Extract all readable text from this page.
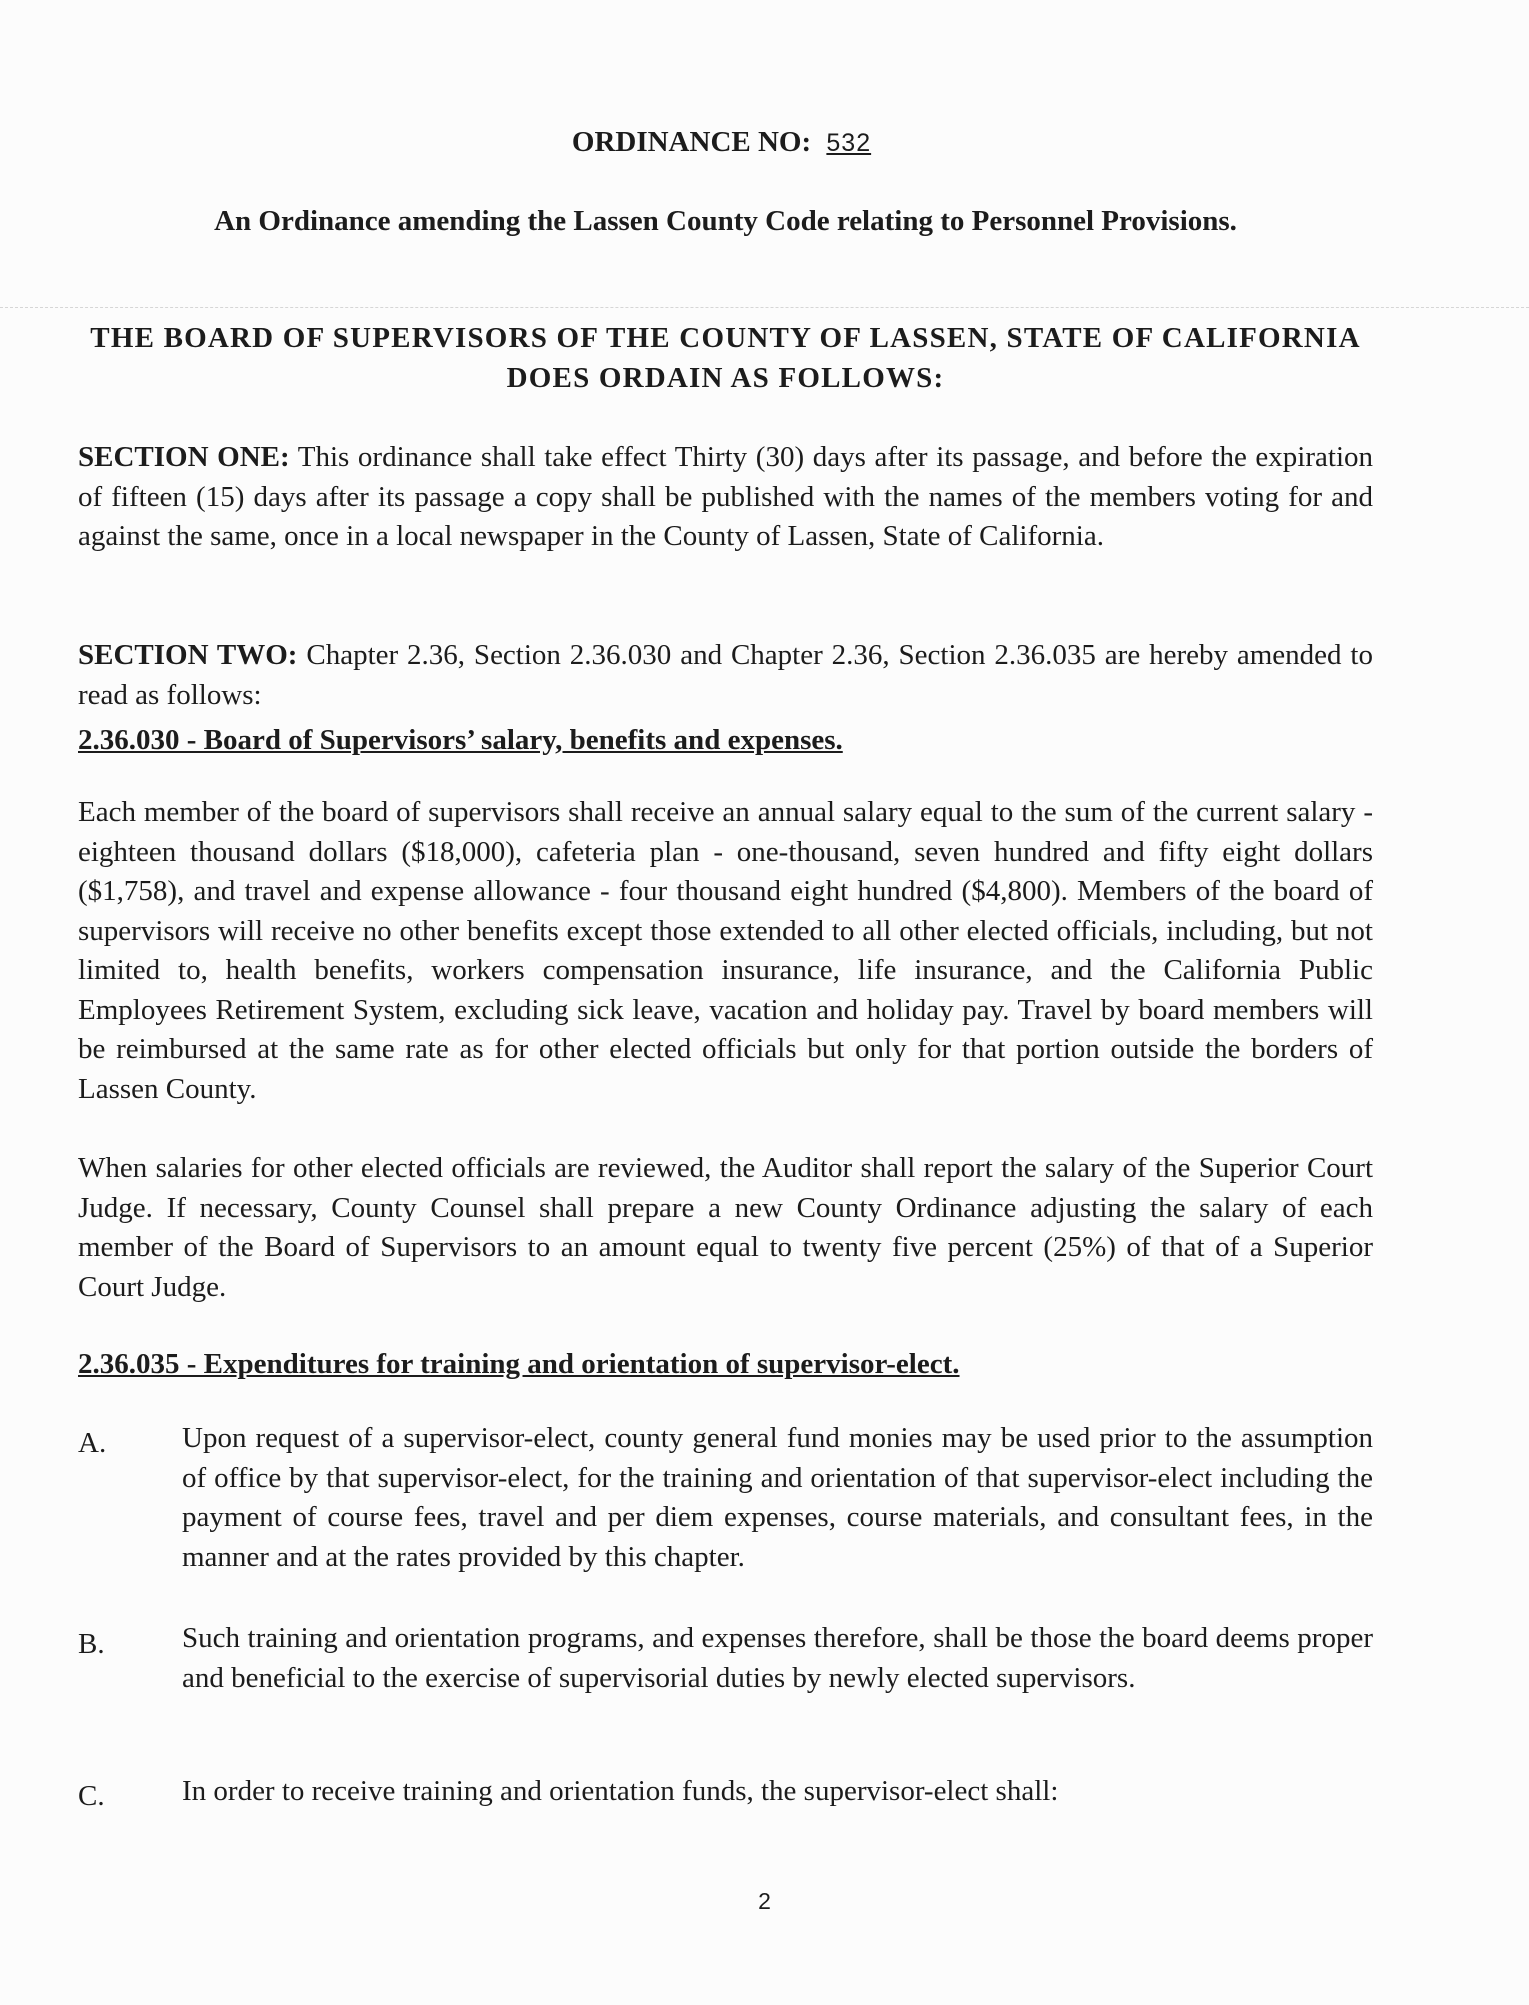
ORDINANCE NO: 532
An Ordinance amending the Lassen County Code relating to Personnel Provisions.
THE BOARD OF SUPERVISORS OF THE COUNTY OF LASSEN, STATE OF CALIFORNIA DOES ORDAIN AS FOLLOWS:
SECTION ONE: This ordinance shall take effect Thirty (30) days after its passage, and before the expiration of fifteen (15) days after its passage a copy shall be published with the names of the members voting for and against the same, once in a local newspaper in the County of Lassen, State of California.
SECTION TWO: Chapter 2.36, Section 2.36.030 and Chapter 2.36, Section 2.36.035 are hereby amended to read as follows:
2.36.030 - Board of Supervisors’ salary, benefits and expenses.
Each member of the board of supervisors shall receive an annual salary equal to the sum of the current salary - eighteen thousand dollars ($18,000), cafeteria plan - one-thousand, seven hundred and fifty eight dollars ($1,758), and travel and expense allowance - four thousand eight hundred ($4,800). Members of the board of supervisors will receive no other benefits except those extended to all other elected officials, including, but not limited to, health benefits, workers compensation insurance, life insurance, and the California Public Employees Retirement System, excluding sick leave, vacation and holiday pay. Travel by board members will be reimbursed at the same rate as for other elected officials but only for that portion outside the borders of Lassen County.
When salaries for other elected officials are reviewed, the Auditor shall report the salary of the Superior Court Judge. If necessary, County Counsel shall prepare a new County Ordinance adjusting the salary of each member of the Board of Supervisors to an amount equal to twenty five percent (25%) of that of a Superior Court Judge.
2.36.035 - Expenditures for training and orientation of supervisor-elect.
A.	Upon request of a supervisor-elect, county general fund monies may be used prior to the assumption of office by that supervisor-elect, for the training and orientation of that supervisor-elect including the payment of course fees, travel and per diem expenses, course materials, and consultant fees, in the manner and at the rates provided by this chapter.
B.	Such training and orientation programs, and expenses therefore, shall be those the board deems proper and beneficial to the exercise of supervisorial duties by newly elected supervisors.
C.	In order to receive training and orientation funds, the supervisor-elect shall:
2
